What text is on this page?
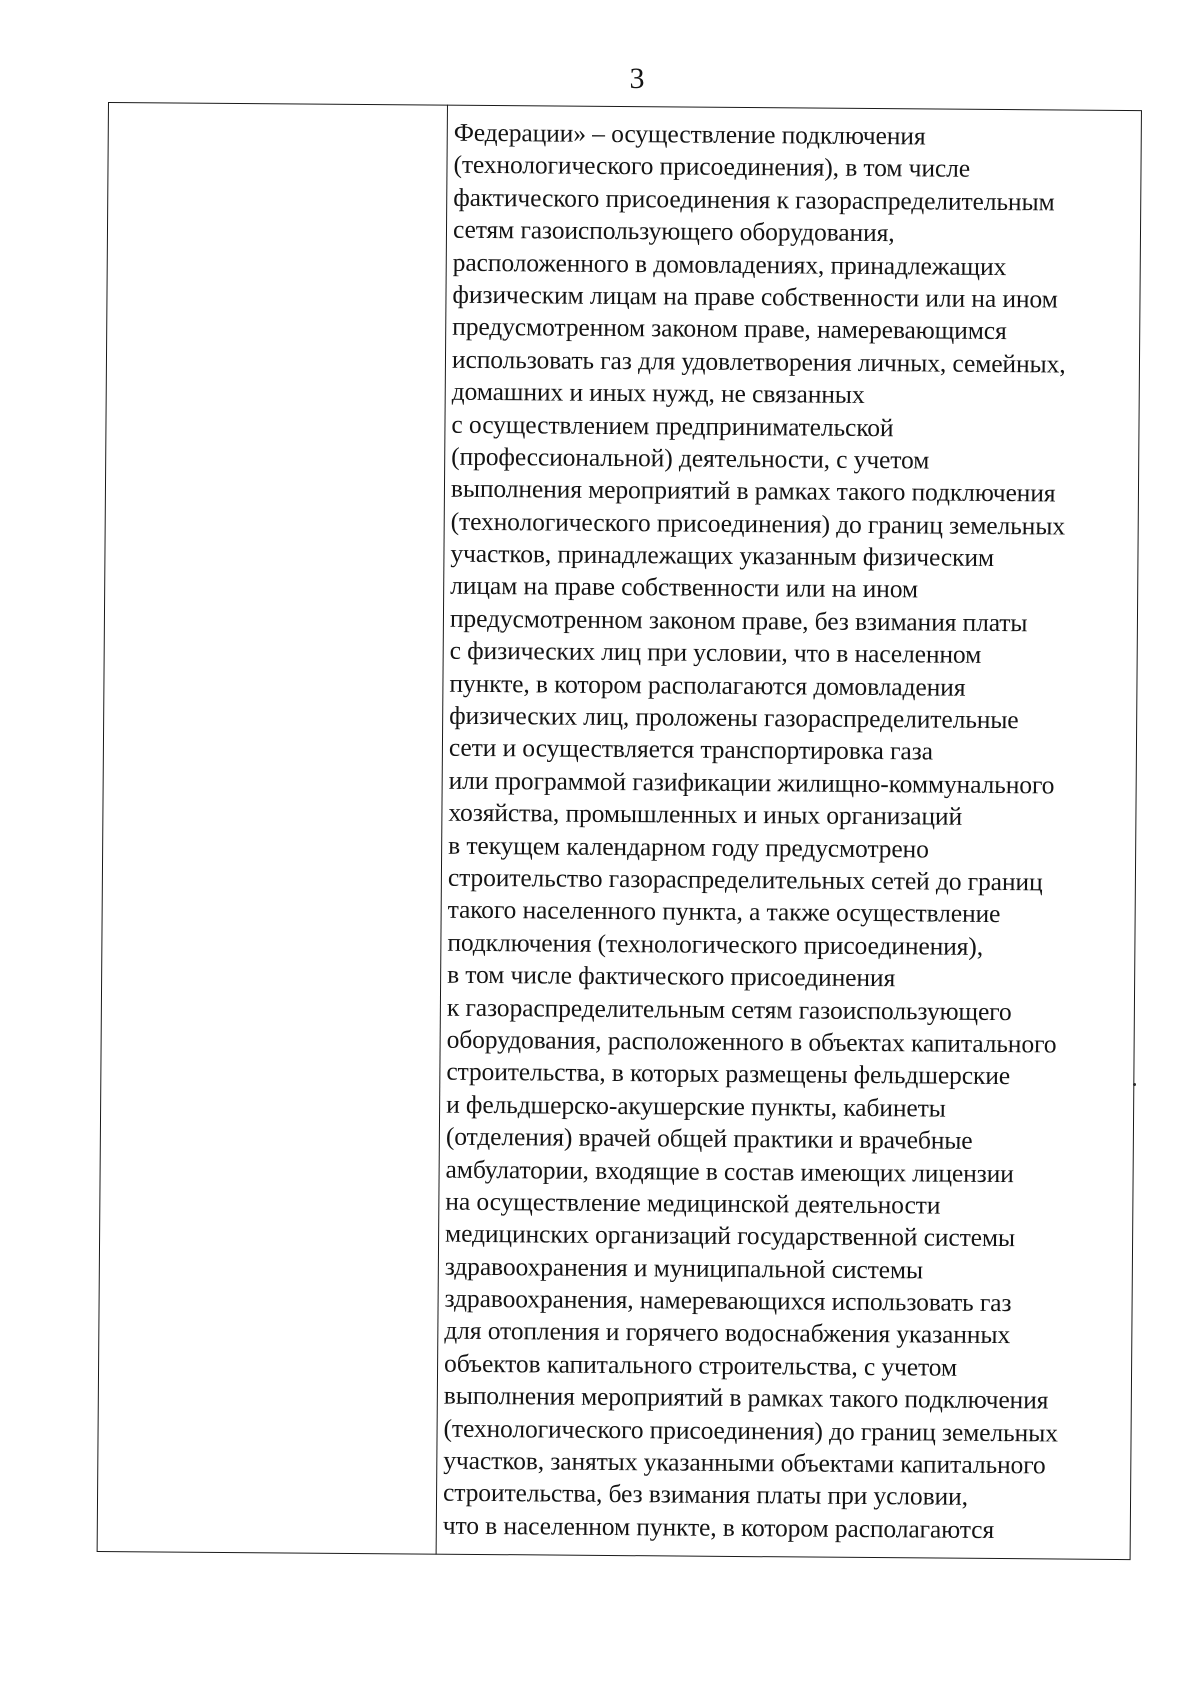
3
Федерации» – осуществление подключения
(технологического присоединения), в том числе
фактического присоединения к газораспределительным
сетям газоиспользующего оборудования,
расположенного в домовладениях, принадлежащих
физическим лицам на праве собственности или на ином
предусмотренном законом праве, намеревающимся
использовать газ для удовлетворения личных, семейных,
домашних и иных нужд, не связанных
с осуществлением предпринимательской
(профессиональной) деятельности, с учетом
выполнения мероприятий в рамках такого подключения
(технологического присоединения) до границ земельных
участков, принадлежащих указанным физическим
лицам на праве собственности или на ином
предусмотренном законом праве, без взимания платы
с физических лиц при условии, что в населенном
пункте, в котором располагаются домовладения
физических лиц, проложены газораспределительные
сети и осуществляется транспортировка газа
или программой газификации жилищно-коммунального
хозяйства, промышленных и иных организаций
в текущем календарном году предусмотрено
строительство газораспределительных сетей до границ
такого населенного пункта, а также осуществление
подключения (технологического присоединения),
в том числе фактического присоединения
к газораспределительным сетям газоиспользующего
оборудования, расположенного в объектах капитального
строительства, в которых размещены фельдшерские
и фельдшерско-акушерские пункты, кабинеты
(отделения) врачей общей практики и врачебные
амбулатории, входящие в состав имеющих лицензии
на осуществление медицинской деятельности
медицинских организаций государственной системы
здравоохранения и муниципальной системы
здравоохранения, намеревающихся использовать газ
для отопления и горячего водоснабжения указанных
объектов капитального строительства, с учетом
выполнения мероприятий в рамках такого подключения
(технологического присоединения) до границ земельных
участков, занятых указанными объектами капитального
строительства, без взимания платы при условии,
что в населенном пункте, в котором располагаются
